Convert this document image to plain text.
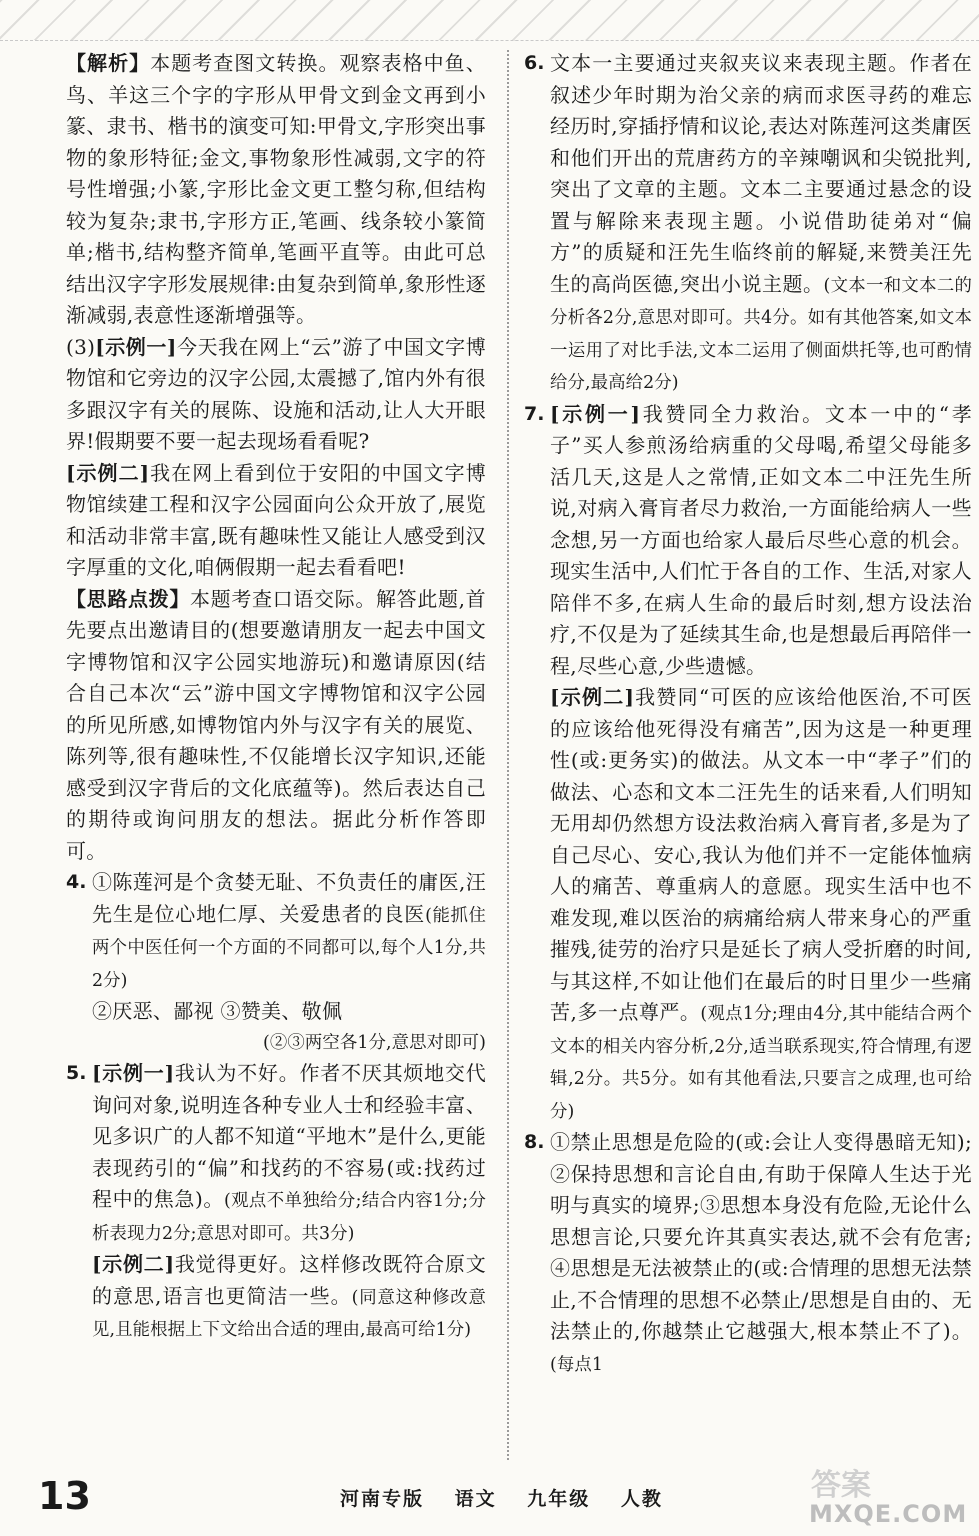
【解析】本题考查图文转换。观察表格中鱼、鸟、羊这三个字的字形从甲骨文到金文再到小篆、隶书、楷书的演变可知:甲骨文,字形突出事物的象形特征;金文,事物象形性减弱,文字的符号性增强;小篆,字形比金文更工整匀称,但结构较为复杂;隶书,字形方正,笔画、线条较小篆简单;楷书,结构整齐简单,笔画平直等。由此可总结出汉字字形发展规律:由复杂到简单,象形性逐渐减弱,表意性逐渐增强等。

(3)[示例一]今天我在网上“云”游了中国文字博物馆和它旁边的汉字公园,太震撼了,馆内外有很多跟汉字有关的展陈、设施和活动,让人大开眼界!假期要不要一起去现场看看呢?

[示例二]我在网上看到位于安阳的中国文字博物馆续建工程和汉字公园面向公众开放了,展览和活动非常丰富,既有趣味性又能让人感受到汉字厚重的文化,咱俩假期一起去看看吧!

【思路点拨】本题考查口语交际。解答此题,首先要点出邀请目的(想要邀请朋友一起去中国文字博物馆和汉字公园实地游玩)和邀请原因(结合自己本次“云”游中国文字博物馆和汉字公园的所见所感,如博物馆内外与汉字有关的展览、陈列等,很有趣味性,不仅能增长汉字知识,还能感受到汉字背后的文化底蕴等)。然后表达自己的期待或询问朋友的想法。据此分析作答即可。

4. ①陈莲河是个贪婪无耻、不负责任的庸医,汪先生是位心地仁厚、关爱患者的良医(能抓住两个中医任何一个方面的不同都可以,每个人1分,共2分)

②厌恶、鄙视 ③赞美、敬佩

(②③两空各1分,意思对即可)

5. [示例一]我认为不好。作者不厌其烦地交代询问对象,说明连各种专业人士和经验丰富、见多识广的人都不知道“平地木”是什么,更能表现药引的“偏”和找药的不容易(或:找药过程中的焦急)。(观点不单独给分;结合内容1分;分析表现力2分;意思对即可。共3分)

[示例二]我觉得更好。这样修改既符合原文的意思,语言也更简洁一些。(同意这种修改意见,且能根据上下文给出合适的理由,最高可给1分)

6. 文本一主要通过夹叙夹议来表现主题。作者在叙述少年时期为治父亲的病而求医寻药的难忘经历时,穿插抒情和议论,表达对陈莲河这类庸医和他们开出的荒唐药方的辛辣嘲讽和尖锐批判,突出了文章的主题。文本二主要通过悬念的设置与解除来表现主题。小说借助徒弟对“偏方”的质疑和汪先生临终前的解疑,来赞美汪先生的高尚医德,突出小说主题。(文本一和文本二的分析各2分,意思对即可。共4分。如有其他答案,如文本一运用了对比手法,文本二运用了侧面烘托等,也可酌情给分,最高给2分)

7. [示例一]我赞同全力救治。文本一中的“孝子”买人参煎汤给病重的父母喝,希望父母能多活几天,这是人之常情,正如文本二中汪先生所说,对病入膏肓者尽力救治,一方面能给病人一些念想,另一方面也给家人最后尽些心意的机会。现实生活中,人们忙于各自的工作、生活,对家人陪伴不多,在病人生命的最后时刻,想方设法治疗,不仅是为了延续其生命,也是想最后再陪伴一程,尽些心意,少些遗憾。

[示例二]我赞同“可医的应该给他医治,不可医的应该给他死得没有痛苦”,因为这是一种更理性(或:更务实)的做法。从文本一中“孝子”们的做法、心态和文本二汪先生的话来看,人们明知无用却仍然想方设法救治病入膏肓者,多是为了自己尽心、安心,我认为他们并不一定能体恤病人的痛苦、尊重病人的意愿。现实生活中也不难发现,难以医治的病痛给病人带来身心的严重摧残,徒劳的治疗只是延长了病人受折磨的时间,与其这样,不如让他们在最后的时日里少一些痛苦,多一点尊严。(观点1分;理由4分,其中能结合两个文本的相关内容分析,2分,适当联系现实,符合情理,有逻辑,2分。共5分。如有其他看法,只要言之成理,也可给分)

8. ①禁止思想是危险的(或:会让人变得愚暗无知);②保持思想和言论自由,有助于保障人生达于光明与真实的境界;③思想本身没有危险,无论什么思想言论,只要允许其真实表达,就不会有危害;④思想是无法被禁止的(或:合情理的思想无法禁止,不合情理的思想不必禁止/思想是自由的、无法禁止的,你越禁止它越强大,根本禁止不了)。(每点1

13	河南专版 语文 九年级 人教	答案
MXQE.COM
